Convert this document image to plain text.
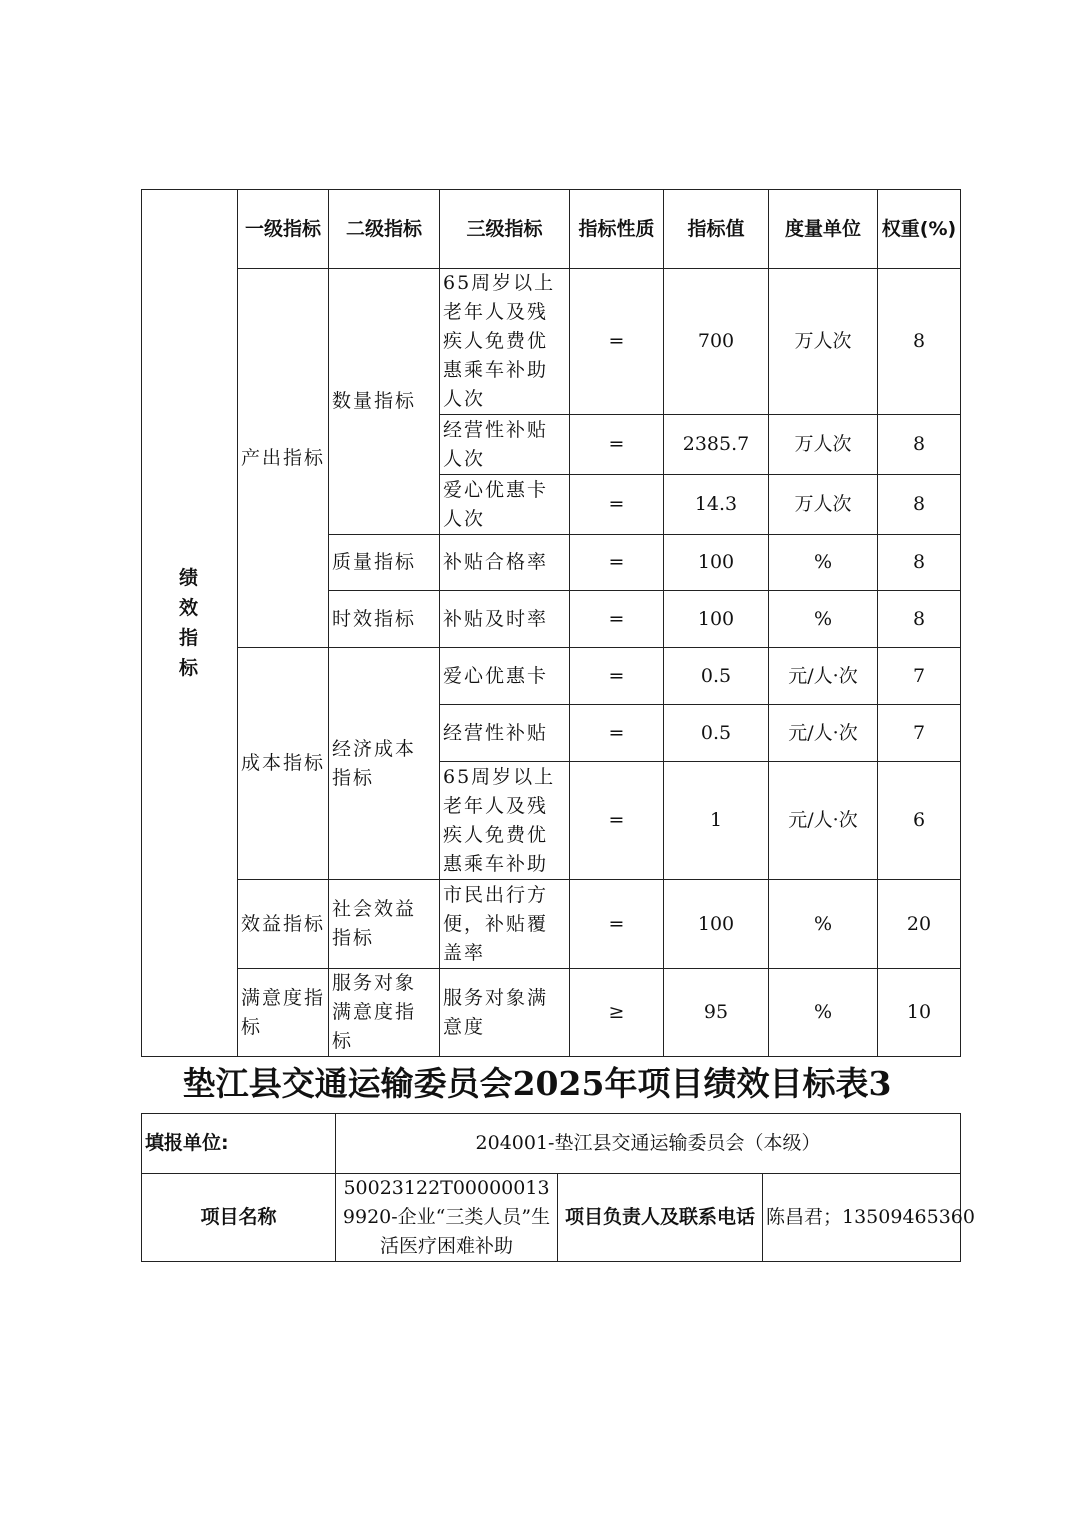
绩
效
指
标	一级指标	二级指标	三级指标	指标性质	指标值	度量单位	权重(%)
	产出指标	数量指标	65周岁以上老年人及残疾人免费优惠乘车补助人次	=	700	万人次	8
			经营性补贴人次	=	2385.7	万人次	8
			爱心优惠卡人次	=	14.3	万人次	8
		质量指标	补贴合格率	=	100	%	8
		时效指标	补贴及时率	=	100	%	8
	成本指标	经济成本指标	爱心优惠卡	=	0.5	元/人·次	7
			经营性补贴	=	0.5	元/人·次	7
			65周岁以上老年人及残疾人免费优惠乘车补助	=	1	元/人·次	6
	效益指标	社会效益指标	市民出行方便，补贴覆盖率	=	100	%	20
	满意度指标	服务对象满意度指标	服务对象满意度	≥	95	%	10
垫江县交通运输委员会2025年项目绩效目标表3
填报单位:	204001-垫江县交通运输委员会（本级）		
项目名称	50023122T000000139920-企业“三类人员”生活医疗困难补助	项目负责人及联系电话	陈昌君；13509465360
